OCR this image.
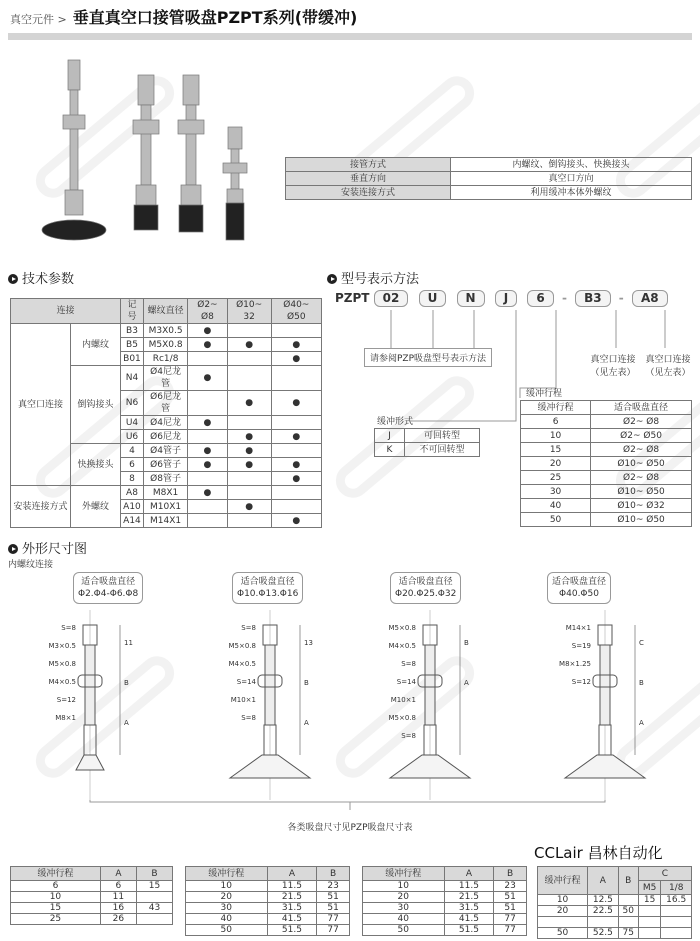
真空元件 > 垂直真空口接管吸盘PZPT系列(带缓冲)
接管方式	内螺纹、倒钩接头、快换接头
垂直方向	真空口方向
安装连接方式	利用缓冲本体外螺纹
技术参数
连接		记号	螺纹直径	Ø2~ Ø8	Ø10~ 32	Ø40~ Ø50
真空口连接	内螺纹	B3	M3X0.5	●		
		B5	M5X0.8	●	●	●
		B01	Rc1/8			●
	倒钩接头	N4	Ø4尼龙管	●		
		N6	Ø6尼龙管		●	●
		U4	Ø4尼龙	●		
		U6	Ø6尼龙		●	●
	快换接头	4	Ø4管子	●	●	
		6	Ø6管子	●	●	●
		8	Ø8管子			●
安装连接方式	外螺纹	A8	M8X1	●		
		A10	M10X1		●	
		A14	M14X1			●
型号表示方法
PZPT 02 U N J 6 - B3 - A8
请参阅PZP吸盘型号表示方法	真空口连接 （见左表）
真空口连接 （见左表）
缓冲形式
J	可回转型
K	不可回转型
缓冲行程
缓冲行程	适合吸盘直径
6	Ø2~ Ø8
10	Ø2~ Ø50
15	Ø2~ Ø8
20	Ø10~ Ø50
25	Ø2~ Ø8
30	Ø10~ Ø50
40	Ø10~ Ø32
50	Ø10~ Ø50
外形尺寸图
内螺纹连接
适合吸盘直径
Φ2.Φ4-Φ6.Φ8
适合吸盘直径
Φ10.Φ13.Φ16
适合吸盘直径
Φ20.Φ25.Φ32
适合吸盘直径
Φ40.Φ50
S=8
M3×0.5
M5×0.8
M4×0.5
S=12
M8×1
11
B
A
S=8
M5×0.8
M4×0.5
S=14
M10×1
S=8
13
B
A
M5×0.8
M4×0.5
S=8
S=14
M10×1
M5×0.8
S=8
B
A
M14×1
S=19
M8×1.25
S=12
C
B
A
各类吸盘尺寸见PZP吸盘尺寸表
缓冲行程	A	B
6	6	15
10	11	
15	16	43
25	26	
缓冲行程	A	B
10	11.5	23
20	21.5	51
30	31.5	51
40	41.5	77
50	51.5	77
缓冲行程	A	B
10	11.5	23
20	21.5	51
30	31.5	51
40	41.5	77
50	51.5	77
缓冲行程	A	B	C	
			M5	1/8
10	12.5		15	16.5
20	22.5	50		

50	52.5	75		
CCLair 昌林自动化
